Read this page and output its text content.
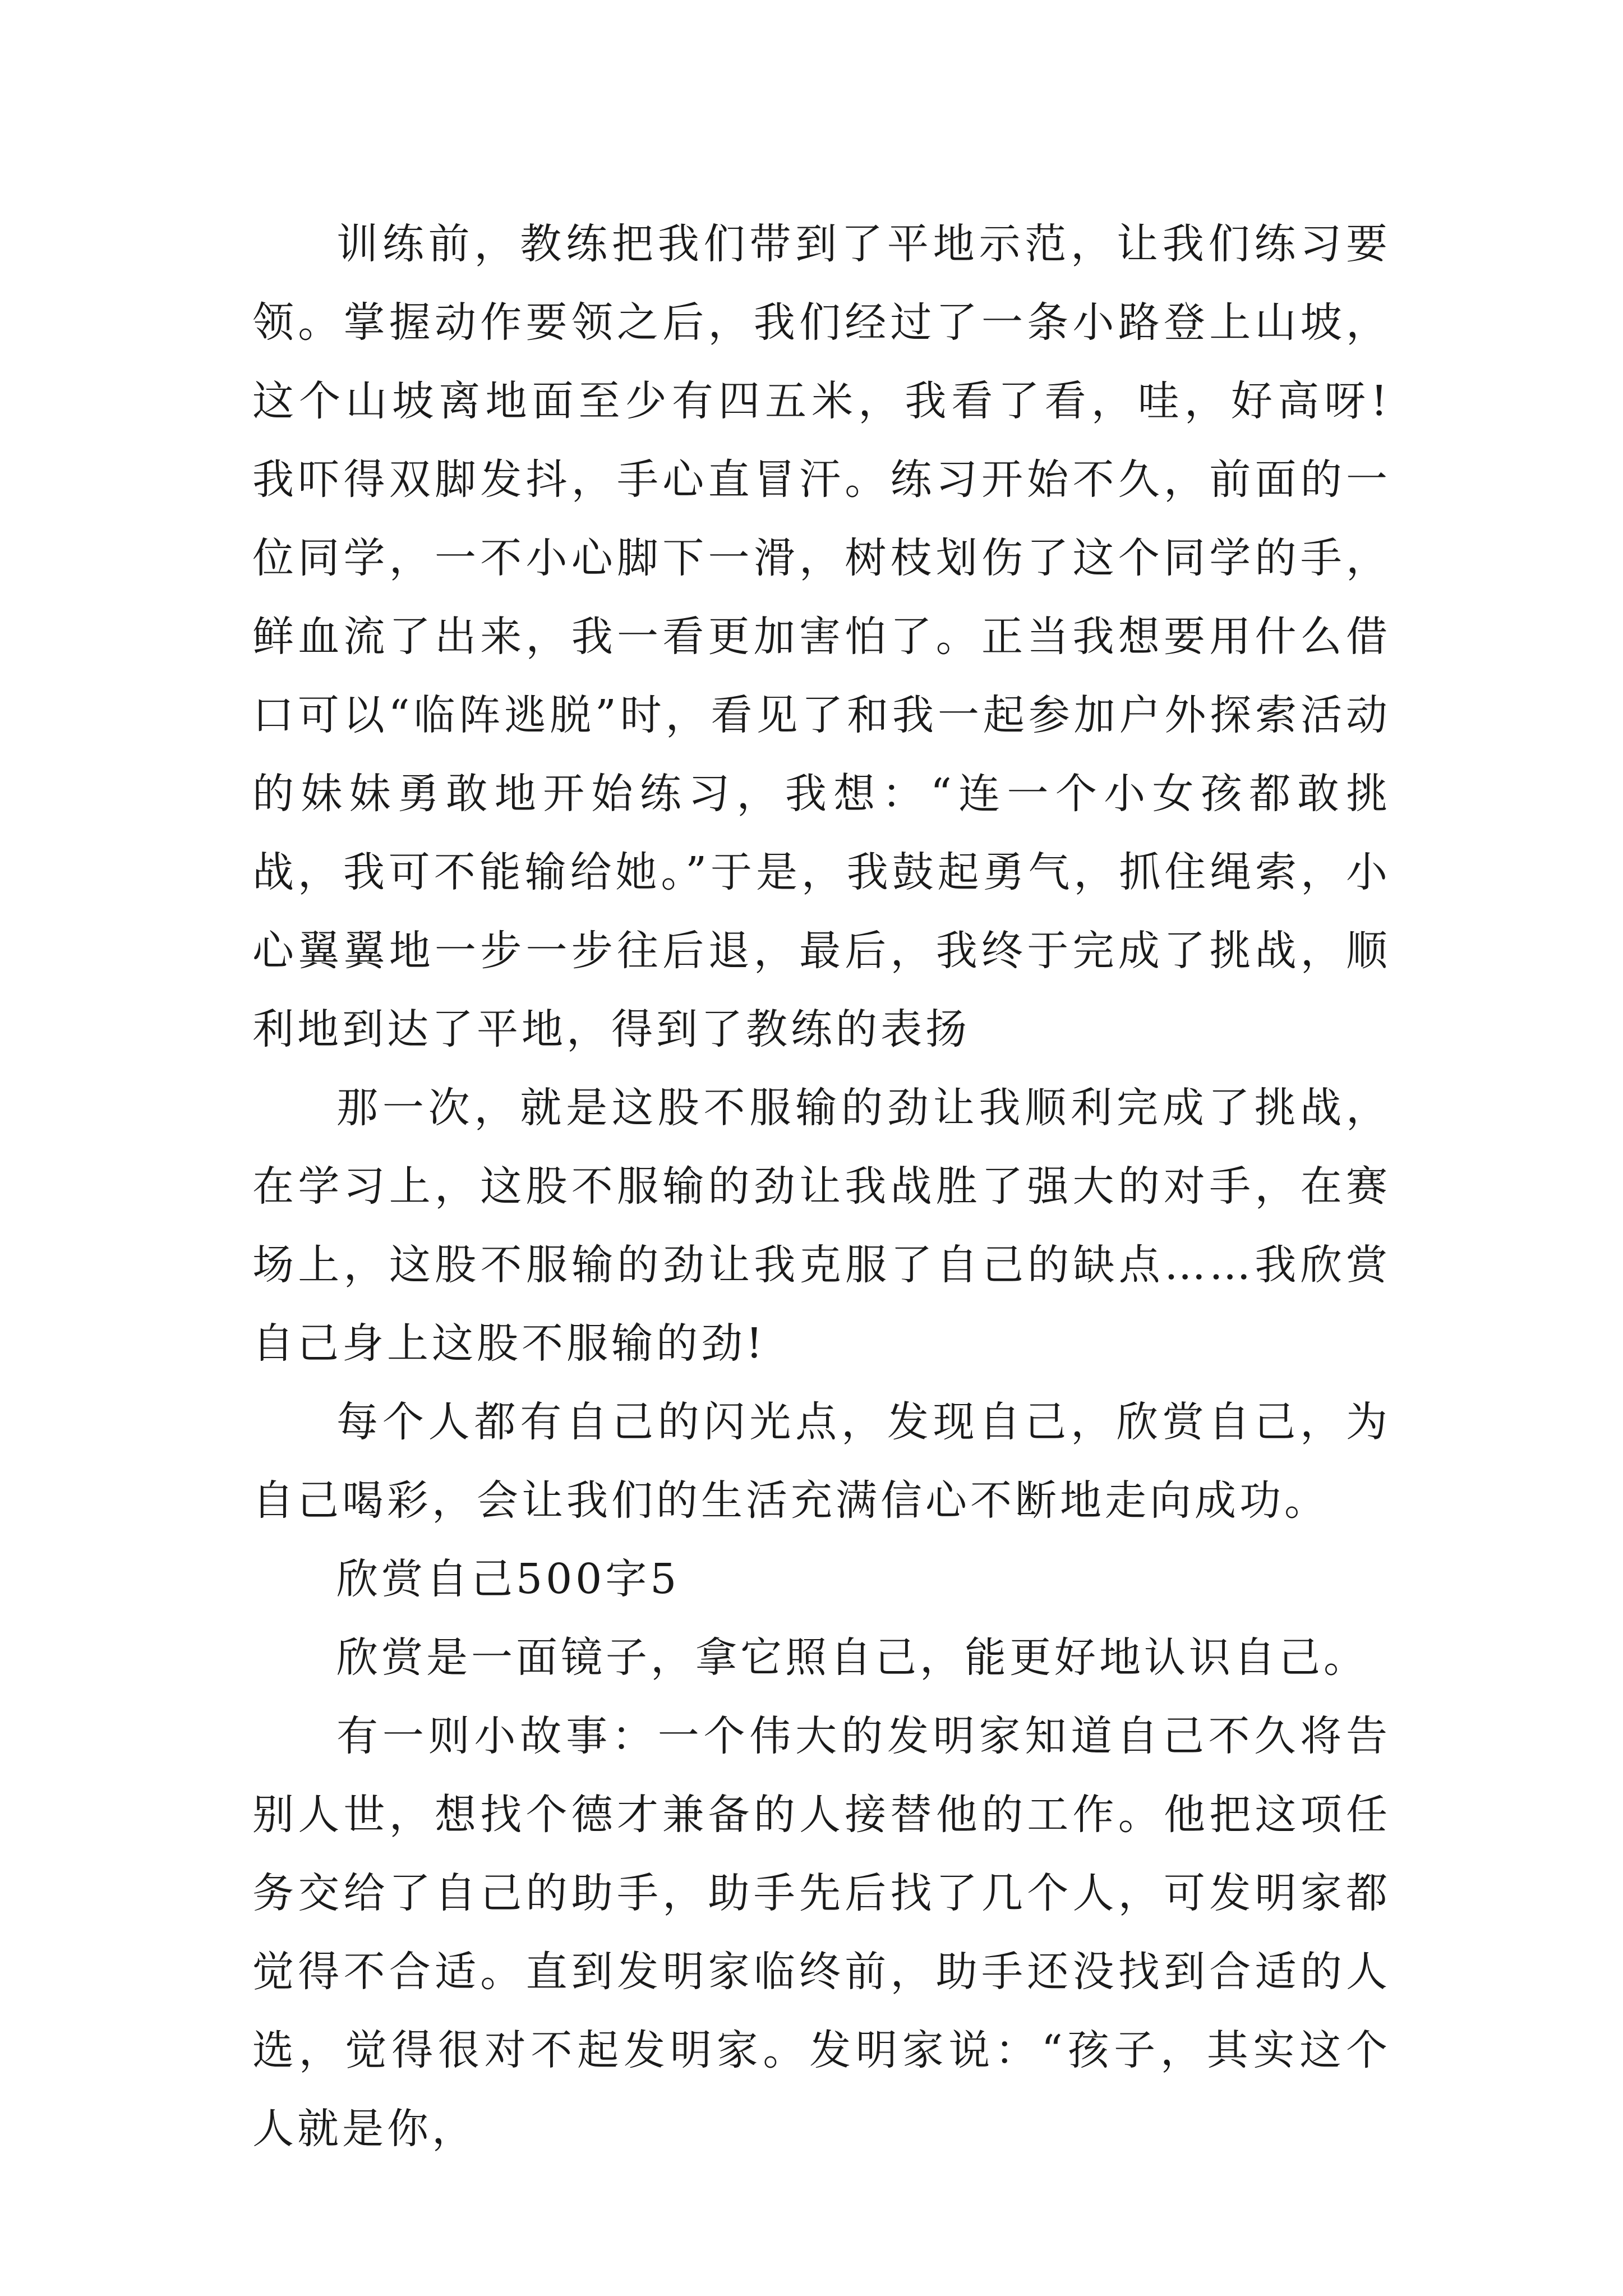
训练前，教练把我们带到了平地示范，让我们练习要领。掌握动作要领之后，我们经过了一条小路登上山坡，这个山坡离地面至少有四五米，我看了看，哇，好高呀!我吓得双脚发抖，手心直冒汗。练习开始不久，前面的一位同学，一不小心脚下一滑，树枝划伤了这个同学的手，鲜血流了出来，我一看更加害怕了。正当我想要用什么借口可以“临阵逃脱”时，看见了和我一起参加户外探索活动的妹妹勇敢地开始练习，我想：“连一个小女孩都敢挑战，我可不能输给她。”于是，我鼓起勇气，抓住绳索，小心翼翼地一步一步往后退，最后，我终于完成了挑战，顺利地到达了平地，得到了教练的表扬

那一次，就是这股不服输的劲让我顺利完成了挑战，在学习上，这股不服输的劲让我战胜了强大的对手，在赛场上，这股不服输的劲让我克服了自己的缺点……我欣赏自己身上这股不服输的劲!

每个人都有自己的闪光点，发现自己，欣赏自己，为自己喝彩，会让我们的生活充满信心不断地走向成功。

欣赏自己500字5

欣赏是一面镜子，拿它照自己，能更好地认识自己。

有一则小故事：一个伟大的发明家知道自己不久将告别人世，想找个德才兼备的人接替他的工作。他把这项任务交给了自己的助手，助手先后找了几个人，可发明家都觉得不合适。直到发明家临终前，助手还没找到合适的人选，觉得很对不起发明家。发明家说：“孩子，其实这个人就是你，
